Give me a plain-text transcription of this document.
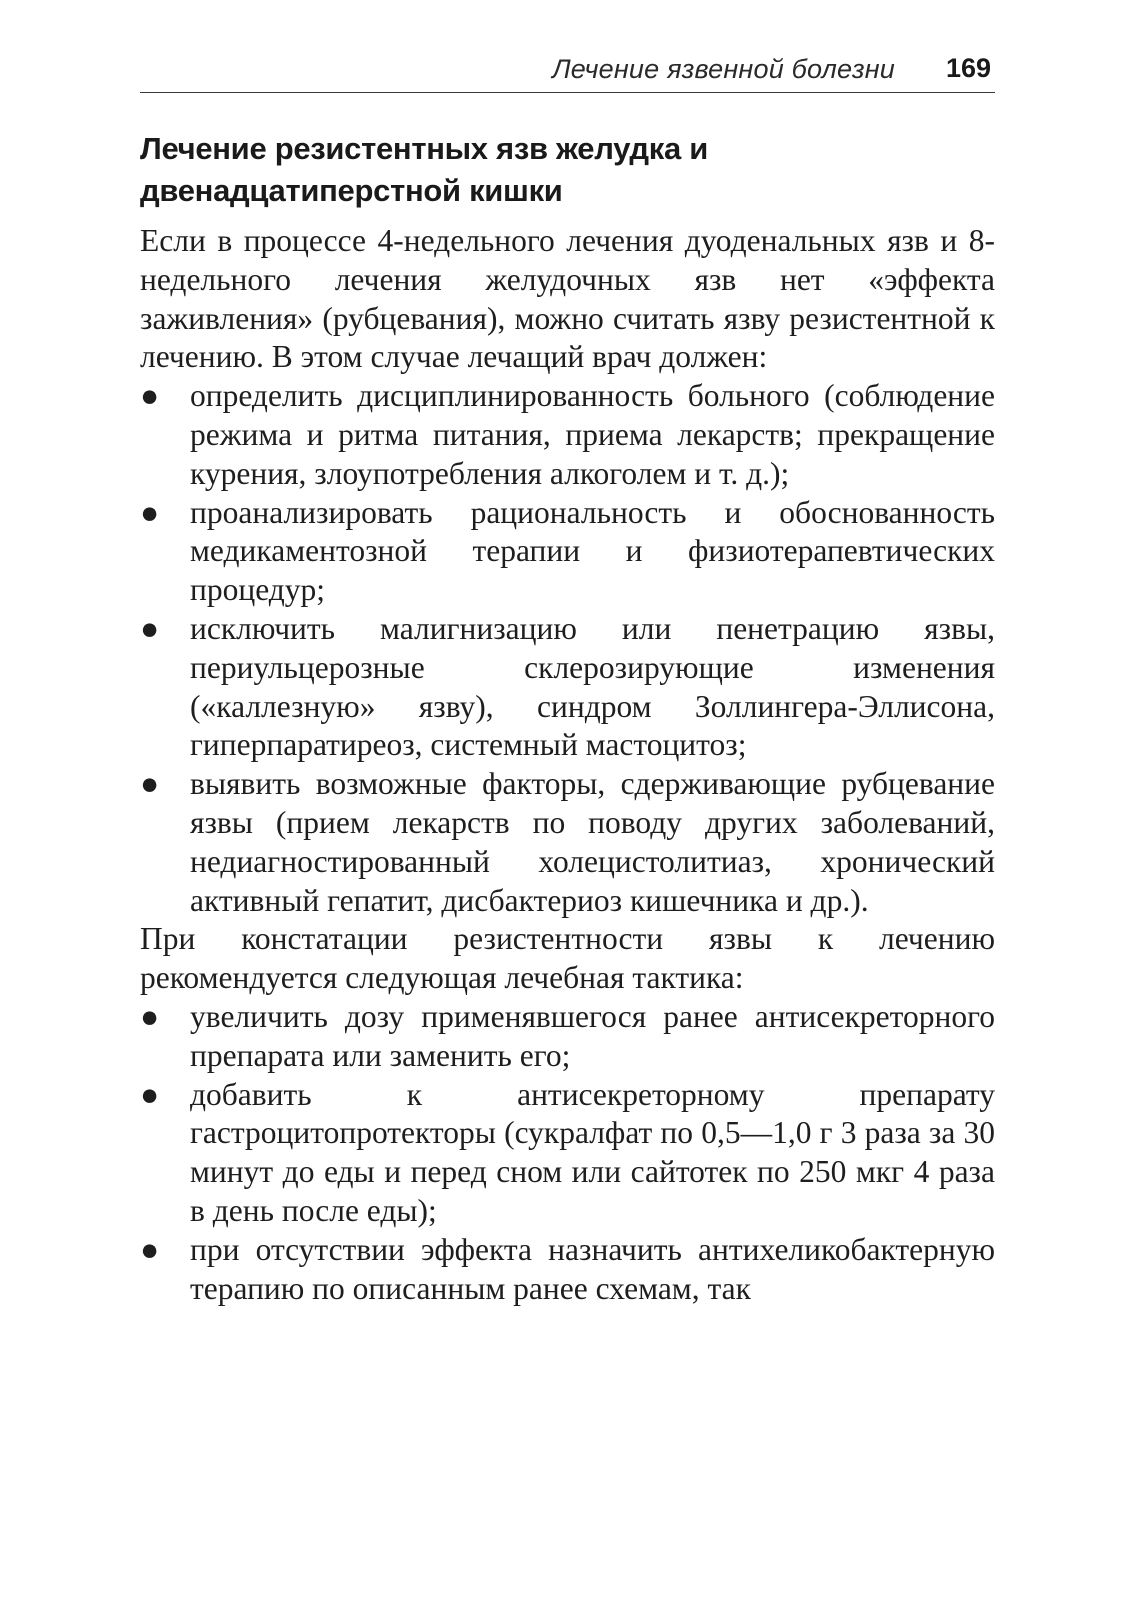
Лечение язвенной болезни 169
Лечение резистентных язв желудка и двенадцатиперстной кишки

Если в процессе 4-недельного лечения дуоденальных язв и 8-недельного лечения желудочных язв нет «эффекта заживления» (рубцевания), можно считать язву резистентной к лечению. В этом случае лечащий врач должен:

● определить дисциплинированность больного (соблюдение режима и ритма питания, приема лекарств; прекращение курения, злоупотребления алкоголем и т. д.);
● проанализировать рациональность и обоснованность медикаментозной терапии и физиотерапевтических процедур;
● исключить малигнизацию или пенетрацию язвы, периульцерозные склерозирующие изменения («каллезную» язву), синдром Золлингера-Эллисона, гиперпаратиреоз, системный мастоцитоз;
● выявить возможные факторы, сдерживающие рубцевание язвы (прием лекарств по поводу других заболеваний, недиагностированный холецистолитиаз, хронический активный гепатит, дисбактериоз кишечника и др.).

При констатации резистентности язвы к лечению рекомендуется следующая лечебная тактика:

● увеличить дозу применявшегося ранее антисекреторного препарата или заменить его;
● добавить к антисекреторному препарату гастроцитопротекторы (сукралфат по 0,5—1,0 г 3 раза за 30 минут до еды и перед сном или сайтотек по 250 мкг 4 раза в день после еды);
● при отсутствии эффекта назначить антихеликобактерную терапию по описанным ранее схемам, так
